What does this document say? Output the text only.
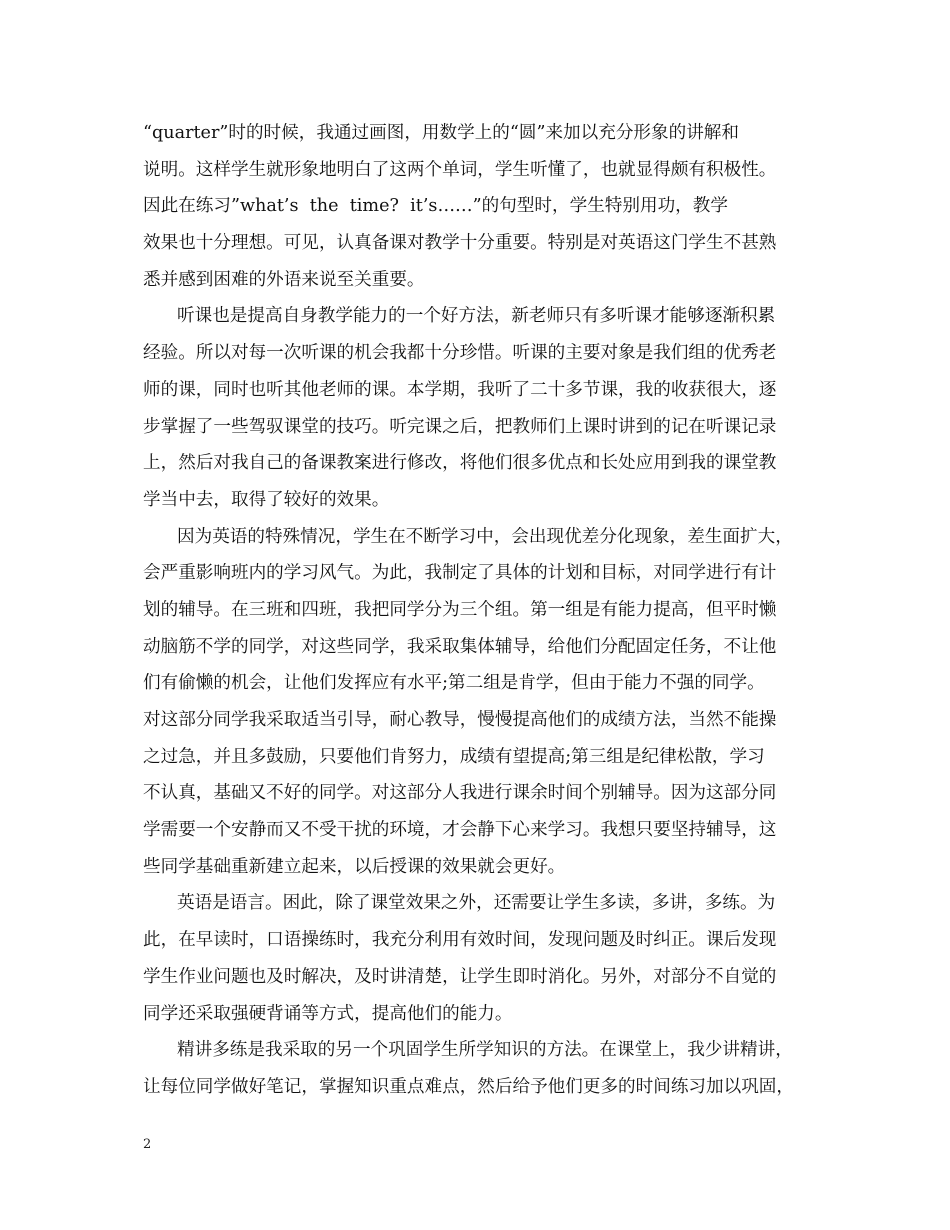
“quarter”时的时候，我通过画图，用数学上的“圆”来加以充分形象的讲解和
说明。这样学生就形象地明白了这两个单词，学生听懂了，也就显得颇有积极性。
因此在练习”what’s  the  time?  it’s……”的句型时，学生特别用功，教学
效果也十分理想。可见，认真备课对教学十分重要。特别是对英语这门学生不甚熟
悉并感到困难的外语来说至关重要。
听课也是提高自身教学能力的一个好方法，新老师只有多听课才能够逐渐积累
经验。所以对每一次听课的机会我都十分珍惜。听课的主要对象是我们组的优秀老
师的课，同时也听其他老师的课。本学期，我听了二十多节课，我的收获很大，逐
步掌握了一些驾驭课堂的技巧。听完课之后，把教师们上课时讲到的记在听课记录
上，然后对我自己的备课教案进行修改，将他们很多优点和长处应用到我的课堂教
学当中去，取得了较好的效果。
因为英语的特殊情况，学生在不断学习中，会出现优差分化现象，差生面扩大，
会严重影响班内的学习风气。为此，我制定了具体的计划和目标，对同学进行有计
划的辅导。在三班和四班，我把同学分为三个组。第一组是有能力提高，但平时懒
动脑筋不学的同学，对这些同学，我采取集体辅导，给他们分配固定任务，不让他
们有偷懒的机会，让他们发挥应有水平;第二组是肯学，但由于能力不强的同学。
对这部分同学我采取适当引导，耐心教导，慢慢提高他们的成绩方法，当然不能操
之过急，并且多鼓励，只要他们肯努力，成绩有望提高;第三组是纪律松散，学习
不认真，基础又不好的同学。对这部分人我进行课余时间个别辅导。因为这部分同
学需要一个安静而又不受干扰的环境，才会静下心来学习。我想只要坚持辅导，这
些同学基础重新建立起来，以后授课的效果就会更好。
英语是语言。困此，除了课堂效果之外，还需要让学生多读，多讲，多练。为
此，在早读时，口语操练时，我充分利用有效时间，发现问题及时纠正。课后发现
学生作业问题也及时解决，及时讲清楚，让学生即时消化。另外，对部分不自觉的
同学还采取强硬背诵等方式，提高他们的能力。
精讲多练是我采取的另一个巩固学生所学知识的方法。在课堂上，我少讲精讲，
让每位同学做好笔记，掌握知识重点难点，然后给予他们更多的时间练习加以巩固，
2
